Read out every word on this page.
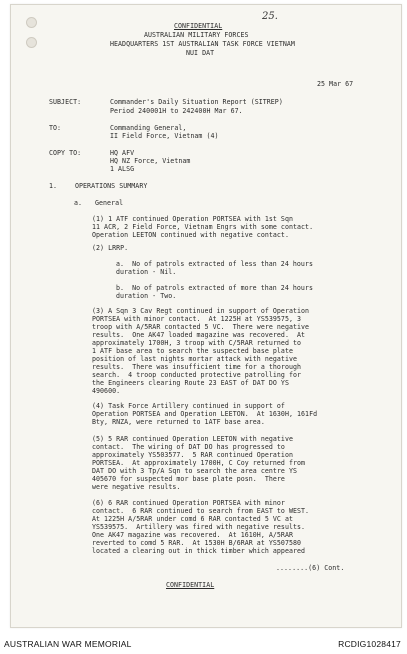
25.
CONFIDENTIAL
AUSTRALIAN MILITARY FORCES
HEADQUARTERS 1ST AUSTRALIAN TASK FORCE VIETNAM
NUI DAT
25 Mar 67
SUBJECT:	Commander's Daily Situation Report (SITREP)
Period 240001H to 242400H Mar 67.
TO:	Commanding General,
II Field Force, Vietnam (4)
COPY TO:	HQ AFV
HQ NZ Force, Vietnam
1 ALSG
1.	OPERATIONS SUMMARY
a. General
(1) 1 ATF continued Operation PORTSEA with 1st Sqn
11 ACR, 2 Field Force, Vietnam Engrs with some contact.
Operation LEETON continued with negative contact.
(2) LRRP.
a.  No of patrols extracted of less than 24 hours
duration - Nil.
b.  No of patrols extracted of more than 24 hours
duration - Two.
(3) A Sqn 3 Cav Regt continued in support of Operation
PORTSEA with minor contact.  At 1225H at YS539575, 3
troop with A/5RAR contacted 5 VC.  There were negative
results.  One AK47 loaded magazine was recovered.  At
approximately 1700H, 3 troop with C/5RAR returned to
1 ATF base area to search the suspected base plate
position of last nights mortar attack with negative
results.  There was insufficient time for a thorough
search.  4 troop conducted protective patrolling for
the Engineers clearing Route 23 EAST of DAT DO YS
490600.
(4) Task Force Artillery continued in support of
Operation PORTSEA and Operation LEETON.  At 1630H, 161Fd
Bty, RNZA, were returned to 1ATF base area.
(5) 5 RAR continued Operation LEETON with negative
contact.  The wiring of DAT DO has progressed to
approximately YS503577.  5 RAR continued Operation
PORTSEA.  At approximately 1700H, C Coy returned from
DAT DO with 3 Tp/A Sqn to search the area centre YS
405670 for suspected mor base plate posn.  There
were negative results.
(6) 6 RAR continued Operation PORTSEA with minor
contact.  6 RAR continued to search from EAST to WEST.
At 1225H A/5RAR under comd 6 RAR contacted 5 VC at
YS539575.  Artillery was fired with negative results.
One AK47 magazine was recovered.  At 1610H, A/5RAR
reverted to comd 5 RAR.  At 1530H B/6RAR at YS507580
located a clearing out in thick timber which appeared
........(6) Cont.
CONFIDENTIAL
AUSTRALIAN WAR MEMORIAL	RCDIG1028417
